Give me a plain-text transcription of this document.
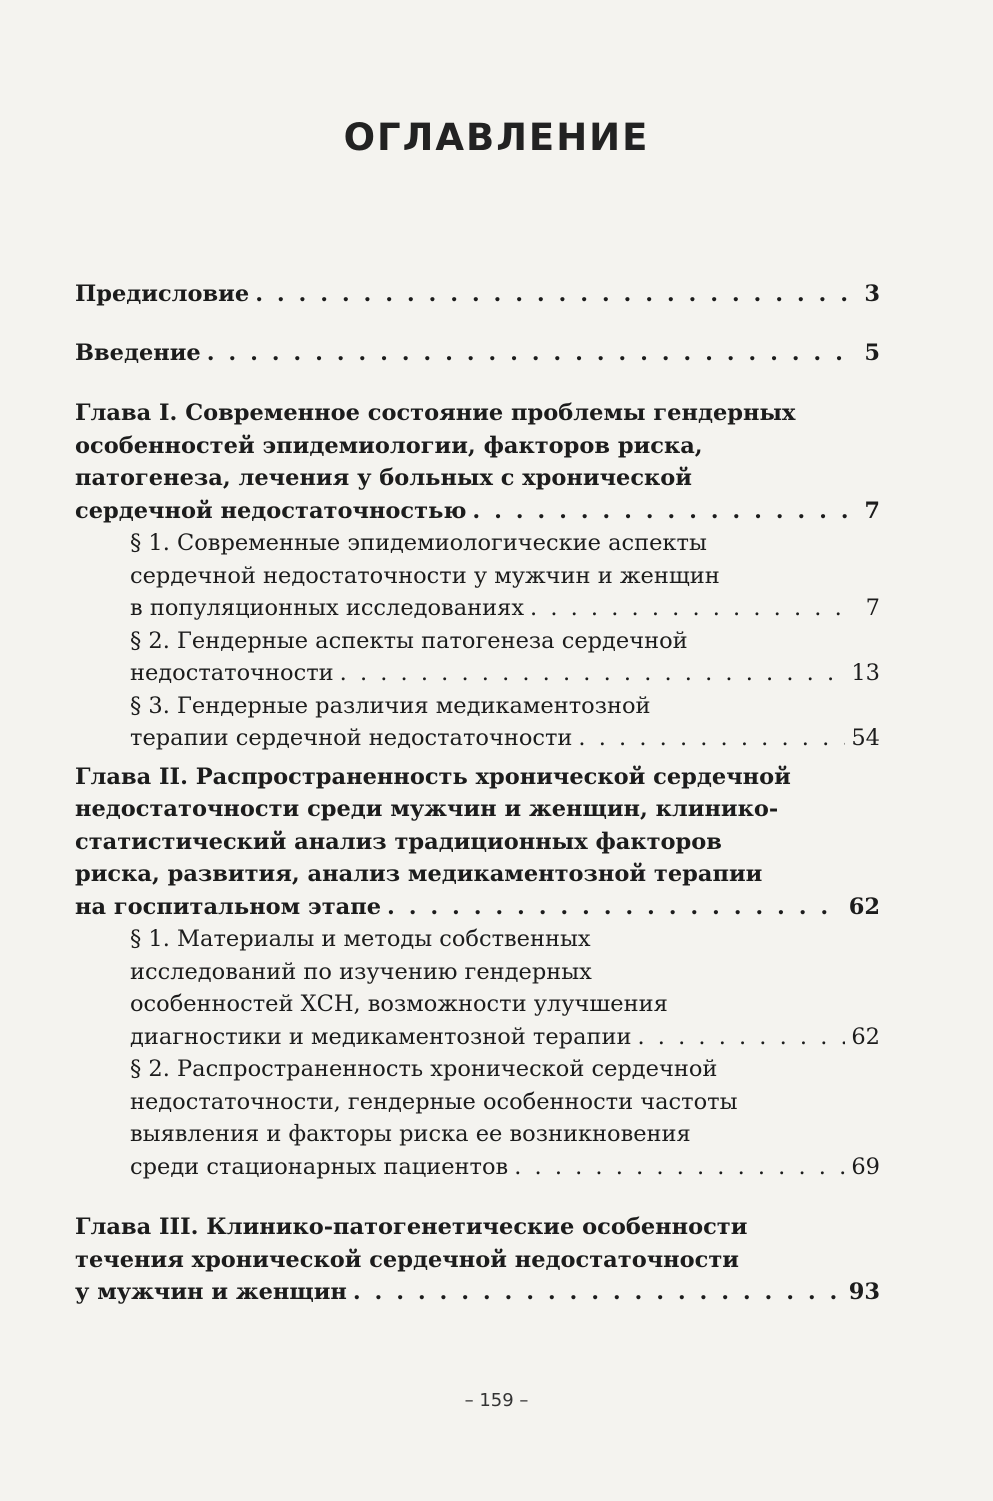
ОГЛАВЛЕНИЕ
Предисловие . . .	3
Введение . . .	5
Глава I. Современное состояние проблемы гендерных
особенностей эпидемиологии, факторов риска,
патогенеза, лечения у больных с хронической
сердечной недостаточностью . . .	7
§ 1. Современные эпидемиологические аспекты
сердечной недостаточности у мужчин и женщин
в популяционных исследованиях . . .	7
§ 2. Гендерные аспекты патогенеза сердечной
недостаточности . . .	13
§ 3. Гендерные различия медикаментозной
терапии сердечной недостаточности . . .	54
Глава II. Распространенность хронической сердечной
недостаточности среди мужчин и женщин, клинико-
статистический анализ традиционных факторов
риска, развития, анализ медикаментозной терапии
на госпитальном этапе . . .	62
§ 1. Материалы и методы собственных
исследований по изучению гендерных
особенностей ХСН, возможности улучшения
диагностики и медикаментозной терапии . . .	62
§ 2. Распространенность хронической сердечной
недостаточности, гендерные особенности частоты
выявления и факторы риска ее возникновения
среди стационарных пациентов . . .	69
Глава III. Клинико-патогенетические особенности
течения хронической сердечной недостаточности
у мужчин и женщин . . .	93
– 159 –
